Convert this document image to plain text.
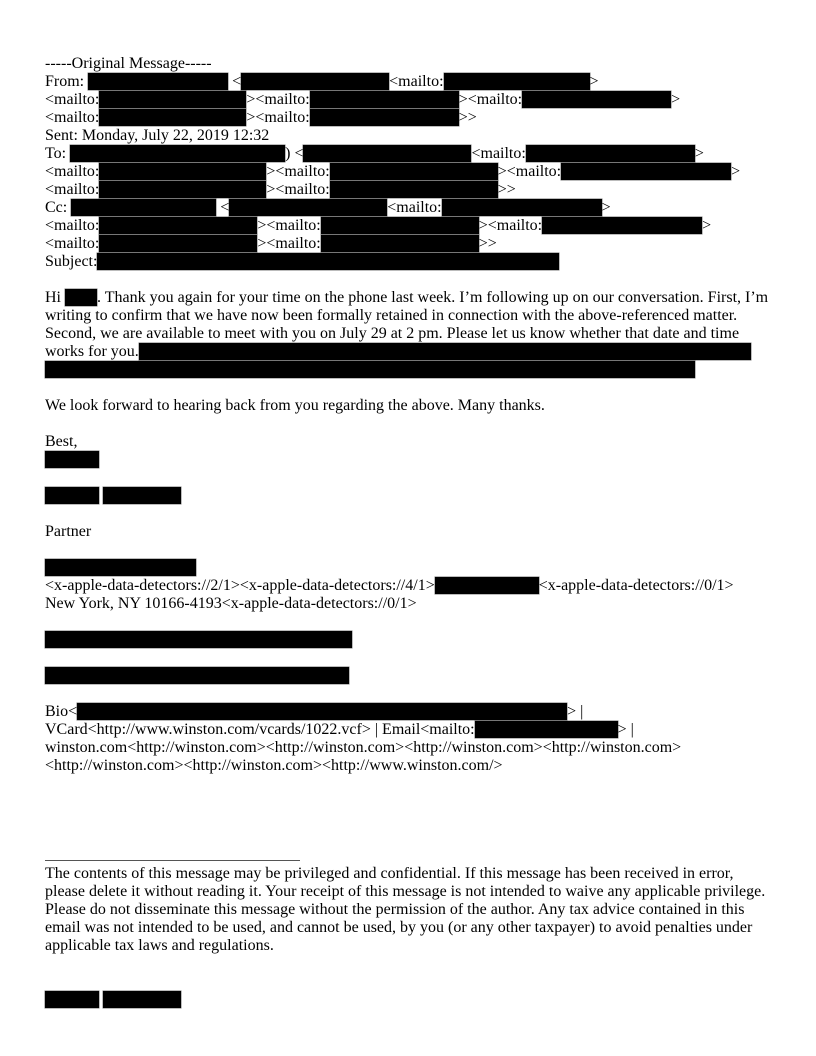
-----Original Message-----
From:	<	<mailto:	>
<mailto:	><mailto:	><mailto:	>
<mailto:	><mailto:	>>
Sent: Monday, July 22, 2019 12:32
To:	) <	<mailto:	>
<mailto:	><mailto:	><mailto:	>
<mailto:	><mailto:	>>
Cc:	<	<mailto:	>
<mailto:	><mailto:	><mailto:	>
<mailto:	><mailto:	>>
Subject:
Hi . Thank you again for your time on the phone last week. I’m following up on our conversation. First, I’m
writing to confirm that we have now been formally retained in connection with the above-referenced matter.
Second, we are available to meet with you on July 29 at 2 pm. Please let us know whether that date and time
works for you.
We look forward to hearing back from you regarding the above. Many thanks.
Best,
Partner
<x-apple-data-detectors://2/1><x-apple-data-detectors://4/1>	<x-apple-data-detectors://0/1>
New York, NY 10166-4193<x-apple-data-detectors://0/1>
Bio<	> |
VCard<http://www.winston.com/vcards/1022.vcf> | Email<mailto:	> |
winston.com<http://winston.com><http://winston.com><http://winston.com><http://winston.com>
<http://winston.com><http://winston.com><http://www.winston.com/>
The contents of this message may be privileged and confidential. If this message has been received in error,
please delete it without reading it. Your receipt of this message is not intended to waive any applicable privilege.
Please do not disseminate this message without the permission of the author. Any tax advice contained in this
email was not intended to be used, and cannot be used, by you (or any other taxpayer) to avoid penalties under
applicable tax laws and regulations.
